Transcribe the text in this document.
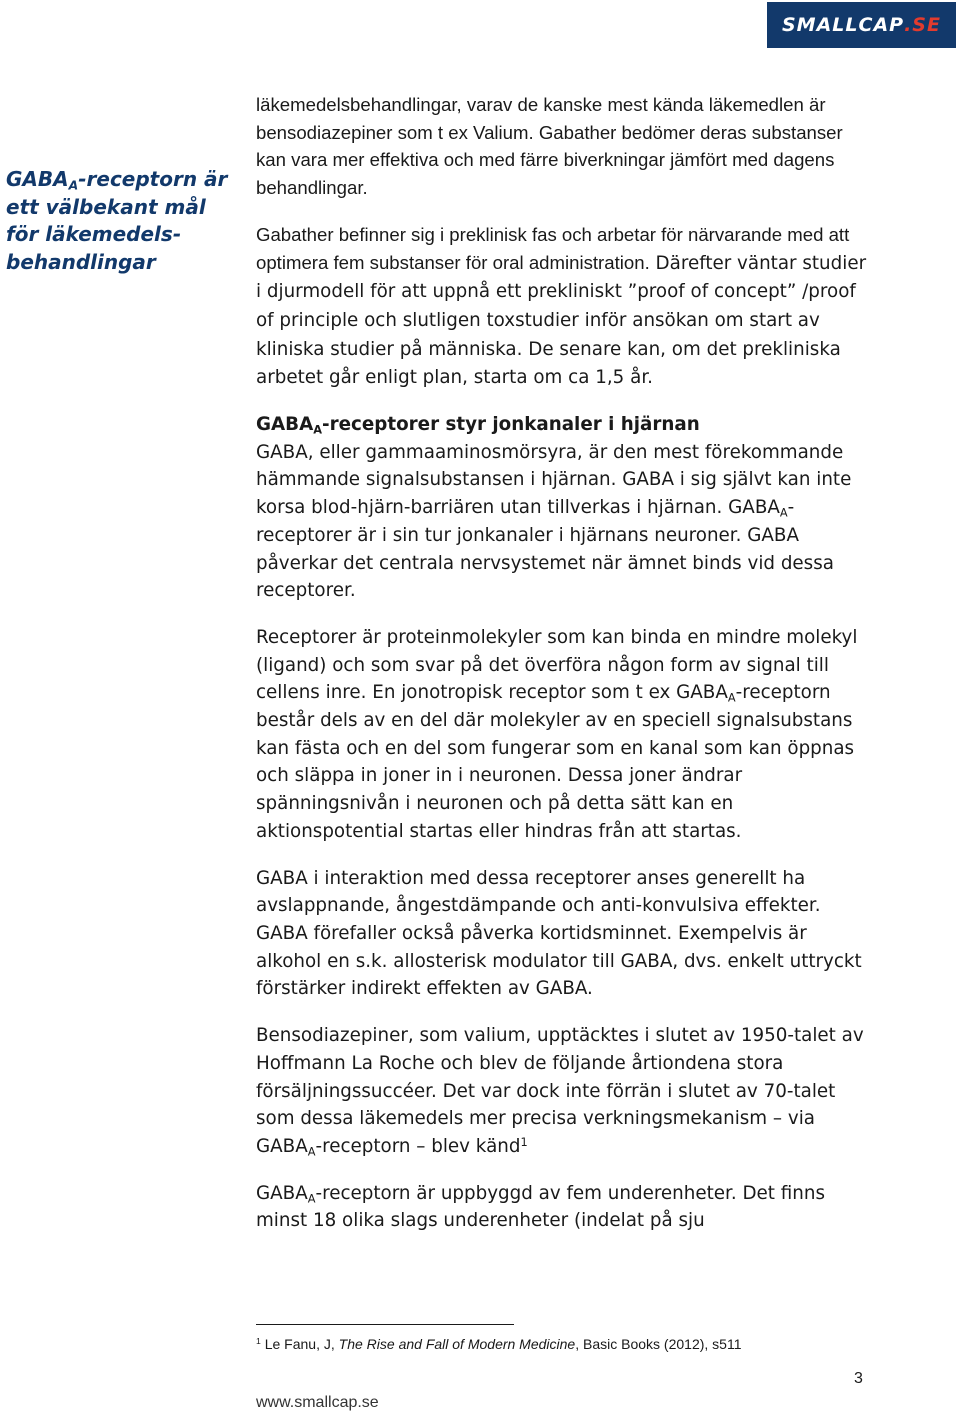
SMALLCAP .SE
$GABA_A$-receptorn är
ett välbekant mål
för läkemedels-
behandlingar

läkemedelsbehandlingar, varav de kanske mest kända läkemedlen är bensodiazepiner som t ex Valium. Gabather bedömer deras substanser kan vara mer effektiva och med färre biverkningar jämfört med dagens behandlingar.

Gabather befinner sig i preklinisk fas och arbetar för närvarande med att optimera fem substanser för oral administration. Därefter väntar studier i djurmodell för att uppnå ett prekliniskt ”proof of concept” /proof of principle och slutligen toxstudier inför ansökan om start av kliniska studier på människa. De senare kan, om det prekliniska arbetet går enligt plan, starta om ca 1,5 år.

$GABA_A$-receptorer styr jonkanaler i hjärnan

GABA, eller gammaaminosmörsyra, är den mest förekommande hämmande signalsubstansen i hjärnan. GABA i sig självt kan inte korsa blod-hjärn-barriären utan tillverkas i hjärnan. $GABA_A$-receptorer är i sin tur jonkanaler i hjärnans neuroner. GABA påverkar det centrala nervsystemet när ämnet binds vid dessa receptorer.

Receptorer är proteinmolekyler som kan binda en mindre molekyl (ligand) och som svar på det överföra någon form av signal till cellens inre. En jonotropisk receptor som t ex $GABA_A$-receptorn består dels av en del där molekyler av en speciell signalsubstans kan fästa och en del som fungerar som en kanal som kan öppnas och släppa in joner in i neuronen. Dessa joner ändrar spänningsnivån i neuronen och på detta sätt kan en aktionspotential startas eller hindras från att startas.

GABA i interaktion med dessa receptorer anses generellt ha avslappnande, ångestdämpande och anti-konvulsiva effekter. GABA förefaller också påverka kortidsminnet. Exempelvis är alkohol en s.k. allosterisk modulator till GABA, dvs. enkelt uttryckt förstärker indirekt effekten av GABA.

Bensodiazepiner, som valium, upptäcktes i slutet av 1950-talet av Hoffmann La Roche och blev de följande årtiondena stora försäljningssuccéer. Det var dock inte förrän i slutet av 70-talet som dessa läkemedels mer precisa verkningsmekanism – via $GABA_A$-receptorn – blev känd$^1$

$GABA_A$-receptorn är uppbyggd av fem underenheter. Det finns minst 18 olika slags underenheter (indelat på sju

$^1$ Le Fanu, J, The Rise and Fall of Modern Medicine, Basic Books (2012), s511
3
www.smallcap.se
